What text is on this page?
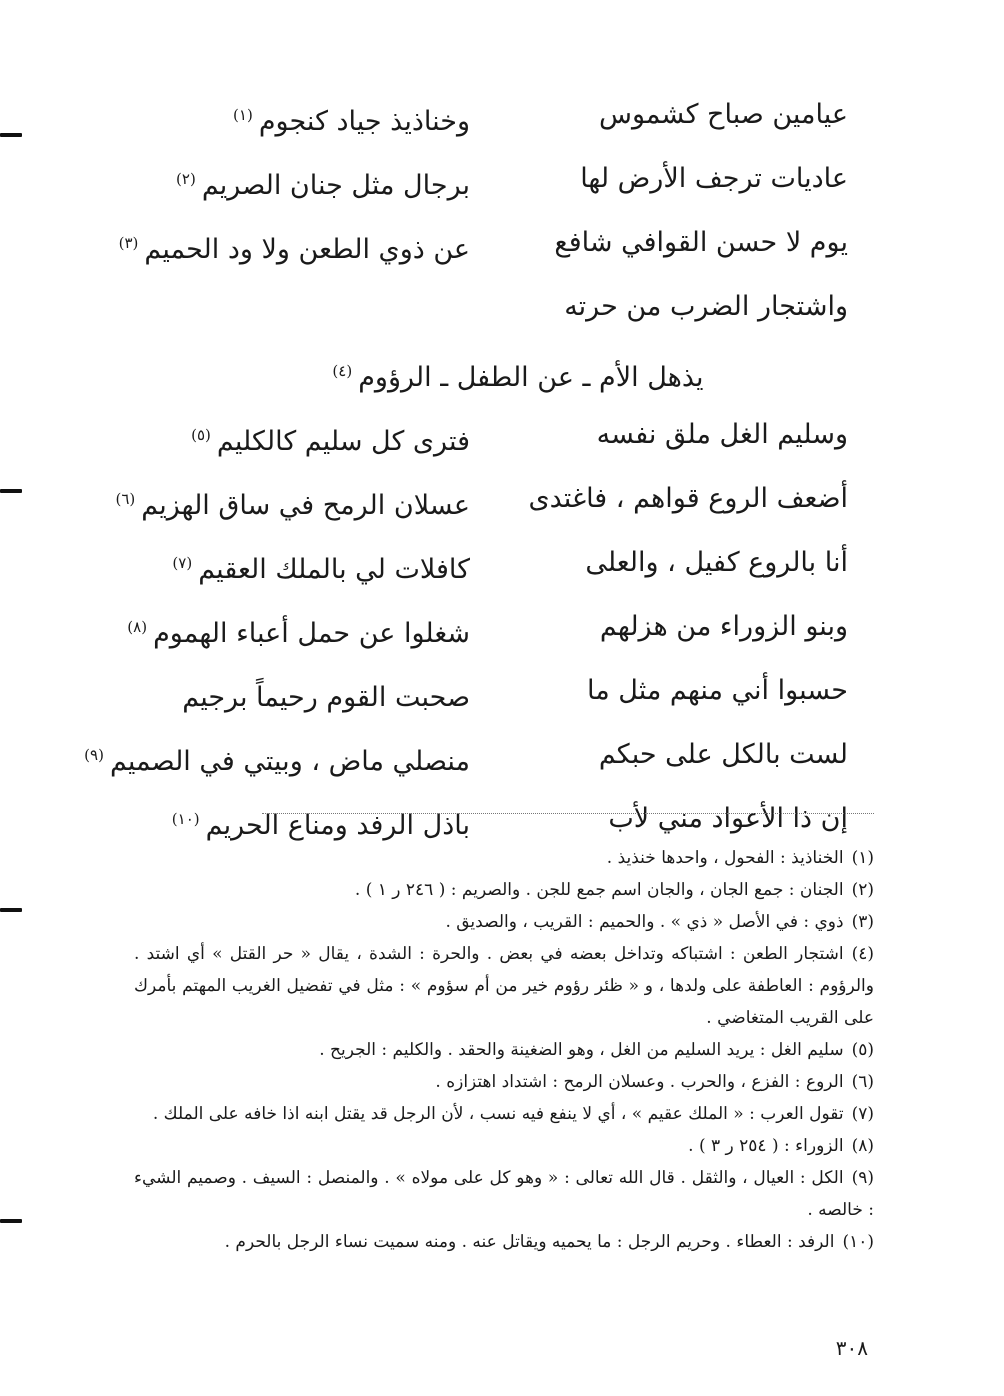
عيامين صباح كشموس
وخناذيذ جياد كنجوم$^{(١)}$
عاديات ترجف الأرض لها
برجال مثل جنان الصريم$^{(٢)}$
يوم لا حسن القوافي شافع
عن ذوي الطعن ولا ود الحميم$^{(٣)}$
واشتجار الضرب من حرته
يذهل الأم ـ عن الطفل ـ الرؤوم$^{(٤)}$
وسليم الغل ملق نفسه
فترى كل سليم كالكليم$^{(٥)}$
أضعف الروع قواهم ، فاغتدى
عسلان الرمح في ساق الهزيم$^{(٦)}$
أنا بالروع كفيل ، والعلى
كافلات لي بالملك العقيم$^{(٧)}$
وبنو الزوراء من هزلهم
شغلوا عن حمل أعباء الهموم$^{(٨)}$
حسبوا أني منهم مثل ما
صحبت القوم رحيماً برجيم
لست بالكل على حبكم
منصلي ماض ، وبيتي في الصميم$^{(٩)}$
إن ذا الأعواد مني لأب
باذل الرفد ومناع الحريم$^{(١٠)}$

(١)الخناذيذ : الفحول ، واحدها خنذيذ .

(٢)الجنان : جمع الجان ، والجان اسم جمع للجن . والصريم : ( ٢٤٦ ر ١ ) .

(٣)ذوي : في الأصل « ذي » . والحميم : القريب ، والصديق .

(٤)اشتجار الطعن : اشتباكه وتداخل بعضه في بعض . والحرة : الشدة ، يقال « حر القتل » أي اشتد . والرؤوم : العاطفة على ولدها ، و « ظئر رؤوم خير من أم سؤوم » : مثل في تفضيل الغريب المهتم بأمرك على القريب المتغاضي .

(٥)سليم الغل : يريد السليم من الغل ، وهو الضغينة والحقد . والكليم : الجريح .

(٦)الروع : الفزع ، والحرب . وعسلان الرمح : اشتداد اهتزازه .

(٧)تقول العرب : « الملك عقيم » ، أي لا ينفع فيه نسب ، لأن الرجل قد يقتل ابنه اذا خافه على الملك .

(٨)الزوراء : ( ٢٥٤ ر ٣ ) .

(٩)الكل : العيال ، والثقل . قال الله تعالى : « وهو كل على مولاه » . والمنصل : السيف . وصميم الشيء : خالصه .

(١٠)الرفد : العطاء . وحريم الرجل : ما يحميه ويقاتل عنه . ومنه سميت نساء الرجل بالحرم .

٣٠٨
